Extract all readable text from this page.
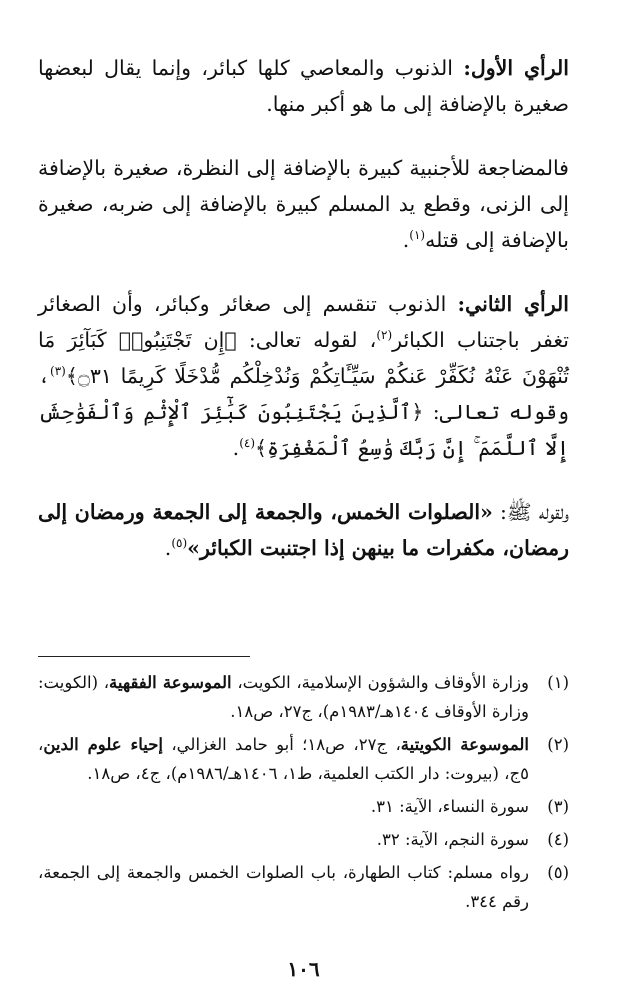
الرأي الأول: الذنوب والمعاصي كلها كبائر، وإنما يقال لبعضها صغيرة بالإضافة إلى ما هو أكبر منها.

فالمضاجعة للأجنبية كبيرة بالإضافة إلى النظرة، صغيرة بالإضافة إلى الزنى، وقطع يد المسلم كبيرة بالإضافة إلى ضربه، صغيرة بالإضافة إلى قتله$^{(١)}$.

الرأي الثاني: الذنوب تنقسم إلى صغائر وكبائر، وأن الصغائر تغفر باجتناب الكبائر$^{(٢)}$، لقوله تعالى: ﴿إِن تَجْتَنِبُوا۟ كَبَآئِرَ مَا تُنْهَوْنَ عَنْهُ نُكَفِّرْ عَنكُمْ سَيِّـَٔاتِكُمْ وَنُدْخِلْكُم مُّدْخَلًا كَرِيمًا ۝٣١﴾$^{(٣)}$، وقوله تعالى: ﴿ٱلَّذِينَ يَجْتَنِبُونَ كَبَٰٓئِرَ ٱلْإِثْمِ وَٱلْفَوَٰحِشَ إِلَّا ٱللَّمَمَ ۚ إِنَّ رَبَّكَ وَٰسِعُ ٱلْمَغْفِرَةِ﴾$^{(٤)}$.

ولقوله ﷺ: «الصلوات الخمس، والجمعة إلى الجمعة ورمضان إلى رمضان، مكفرات ما بينهن إذا اجتنبت الكبائر»$^{(٥)}$.

(١)
وزارة الأوقاف والشؤون الإسلامية، الكويت، الموسوعة الفقهية، (الكويت: وزارة الأوقاف ١٤٠٤هـ/١٩٨٣م)، ج٢٧، ص١٨.
(٢)
الموسوعة الكويتية، ج٢٧، ص١٨؛ أبو حامد الغزالي، إحياء علوم الدين، ٥ج، (بيروت: دار الكتب العلمية، ط١، ١٤٠٦هـ/١٩٨٦م)، ج٤، ص١٨.
(٣)
سورة النساء، الآية: ٣١.
(٤)
سورة النجم، الآية: ٣٢.
(٥)
رواه مسلم: كتاب الطهارة، باب الصلوات الخمس والجمعة إلى الجمعة، رقم ٣٤٤.
١٠٦
